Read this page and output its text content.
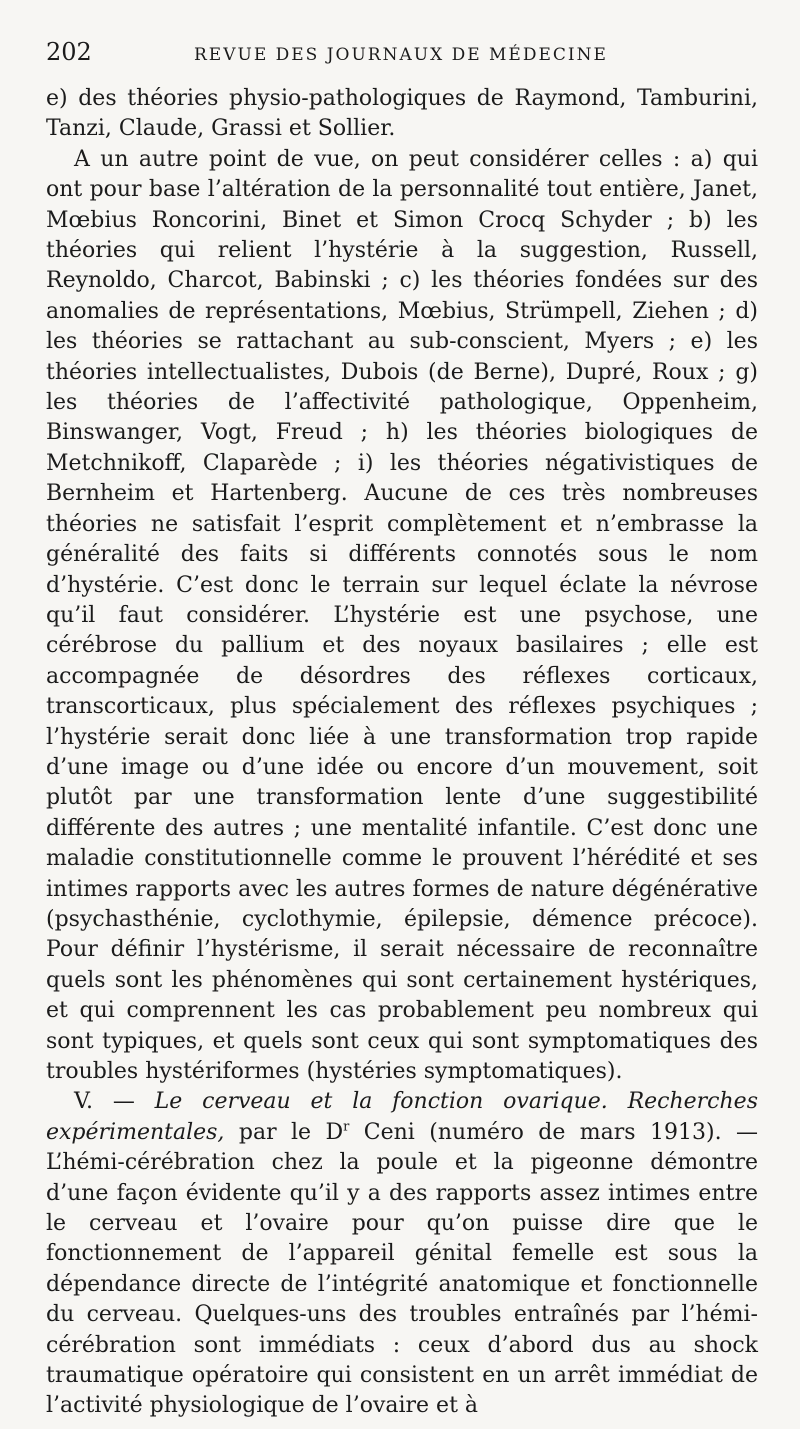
202	REVUE DES JOURNAUX DE MÉDECINE

e) des théories physio-pathologiques de Raymond, Tamburini, Tanzi, Claude, Grassi et Sollier.

A un autre point de vue, on peut considérer celles : a) qui ont pour base l’altération de la personnalité tout entière, Janet, Mœbius Roncorini, Binet et Simon Crocq Schyder ; b) les théories qui relient l’hystérie à la suggestion, Russell, Reynoldo, Charcot, Babinski ; c) les théories fondées sur des anomalies de représentations, Mœbius, Strümpell, Ziehen ; d) les théories se rattachant au sub-conscient, Myers ; e) les théories intellectualistes, Dubois (de Berne), Dupré, Roux ; g) les théories de l’affectivité pathologique, Oppenheim, Binswanger, Vogt, Freud ; h) les théories biologiques de Metchnikoff, Claparède ; i) les théories négativistiques de Bernheim et Hartenberg. Aucune de ces très nombreuses théories ne satisfait l’esprit complètement et n’embrasse la généralité des faits si différents connotés sous le nom d’hystérie. C’est donc le terrain sur lequel éclate la névrose qu’il faut considérer. L’hystérie est une psychose, une cérébrose du pallium et des noyaux basilaires ; elle est accompagnée de désordres des réflexes corticaux, transcorticaux, plus spécialement des réflexes psychiques ; l’hystérie serait donc liée à une transformation trop rapide d’une image ou d’une idée ou encore d’un mouvement, soit plutôt par une transformation lente d’une suggestibilité différente des autres ; une mentalité infantile. C’est donc une maladie constitutionnelle comme le prouvent l’hérédité et ses intimes rapports avec les autres formes de nature dégénérative (psychasthénie, cyclothymie, épilepsie, démence précoce). Pour définir l’hystérisme, il serait nécessaire de reconnaître quels sont les phénomènes qui sont certainement hystériques, et qui comprennent les cas probablement peu nombreux qui sont typiques, et quels sont ceux qui sont symptomatiques des troubles hystériformes (hystéries symptomatiques).

V. — Le cerveau et la fonction ovarique. Recherches expérimentales, par le $D^r$ Ceni (numéro de mars 1913). — L’hémi-cérébration chez la poule et la pigeonne démontre d’une façon évidente qu’il y a des rapports assez intimes entre le cerveau et l’ovaire pour qu’on puisse dire que le fonctionnement de l’appareil génital femelle est sous la dépendance directe de l’intégrité anatomique et fonctionnelle du cerveau. Quelques-uns des troubles entraînés par l’hémi-cérébration sont immédiats : ceux d’abord dus au shock traumatique opératoire qui consistent en un arrêt immédiat de l’activité physiologique de l’ovaire et à
